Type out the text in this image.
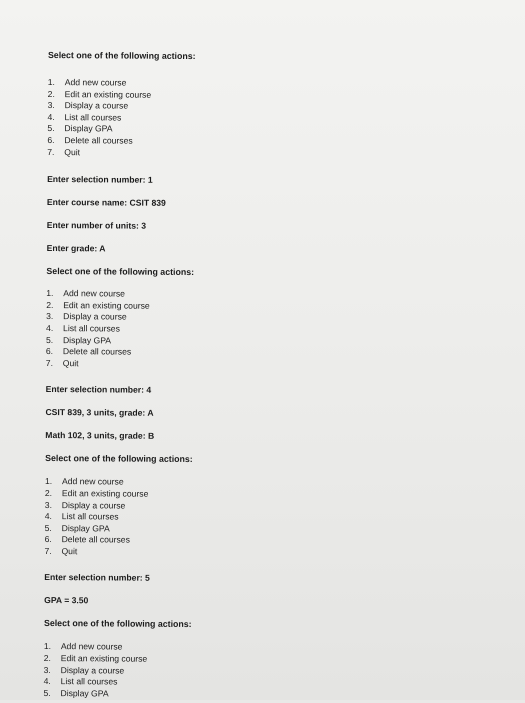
Select one of the following actions:
1. Add new course
2. Edit an existing course
3. Display a course
4. List all courses
5. Display GPA
6. Delete all courses
7. Quit
Enter selection number: 1
Enter course name: CSIT 839
Enter number of units: 3
Enter grade: A
Select one of the following actions:
1. Add new course
2. Edit an existing course
3. Display a course
4. List all courses
5. Display GPA
6. Delete all courses
7. Quit
Enter selection number: 4
CSIT 839, 3 units, grade: A
Math 102, 3 units, grade: B
Select one of the following actions:
1. Add new course
2. Edit an existing course
3. Display a course
4. List all courses
5. Display GPA
6. Delete all courses
7. Quit
Enter selection number: 5
GPA = 3.50
Select one of the following actions:
1. Add new course
2. Edit an existing course
3. Display a course
4. List all courses
5. Display GPA
